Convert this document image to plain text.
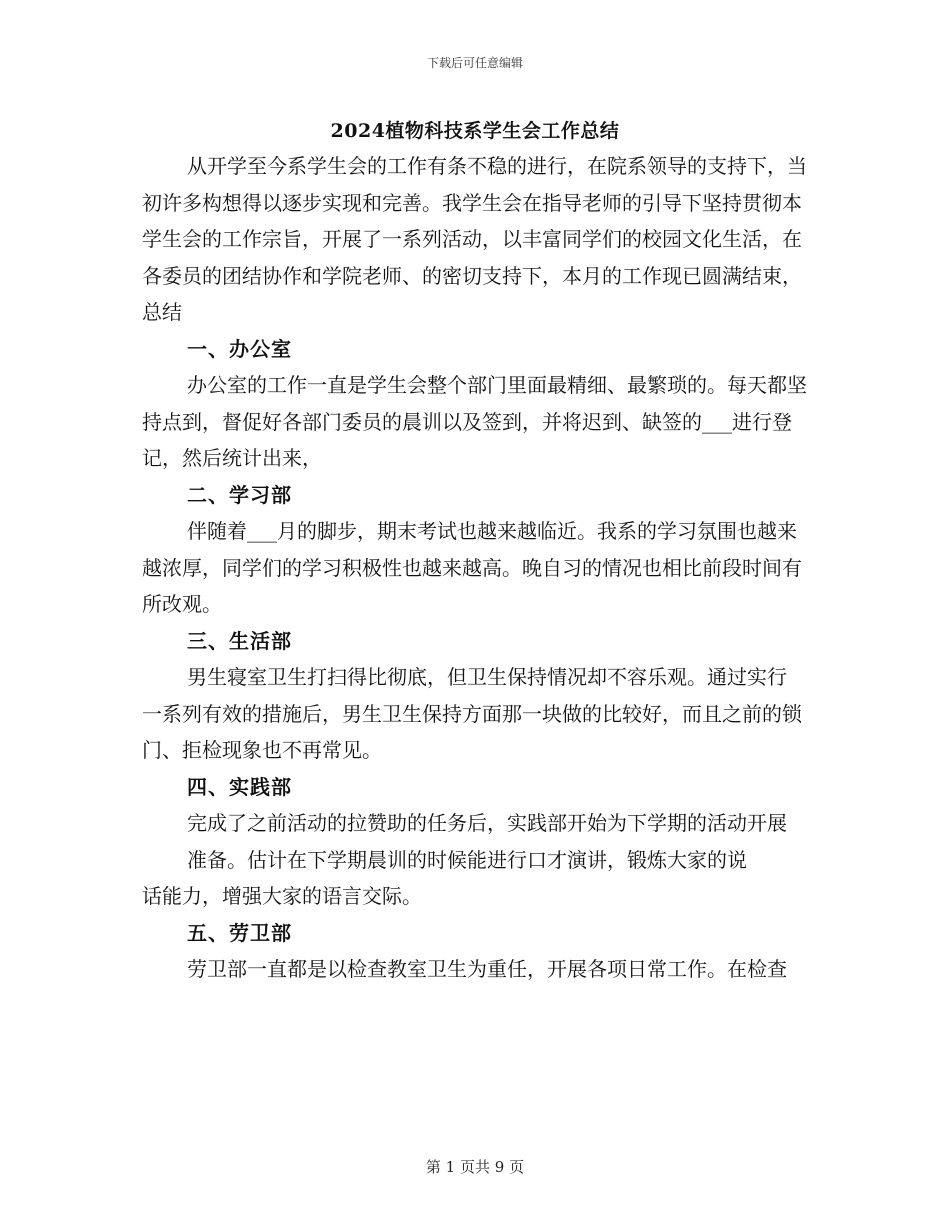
下载后可任意编辑
2024植物科技系学生会工作总结

从开学至今系学生会的工作有条不稳的进行，在院系领导的支持下，当初许多构想得以逐步实现和完善。我学生会在指导老师的引导下坚持贯彻本学生会的工作宗旨，开展了一系列活动，以丰富同学们的校园文化生活，在各委员的团结协作和学院老师、的密切支持下，本月的工作现已圆满结束，总结

一、办公室

办公室的工作一直是学生会整个部门里面最精细、最繁琐的。每天都坚持点到，督促好各部门委员的晨训以及签到，并将迟到、缺签的___进行登记，然后统计出来，

二、学习部

伴随着___月的脚步，期末考试也越来越临近。我系的学习氛围也越来越浓厚，同学们的学习积极性也越来越高。晚自习的情况也相比前段时间有所改观。

三、生活部

男生寝室卫生打扫得比彻底，但卫生保持情况却不容乐观。通过实行

一系列有效的措施后，男生卫生保持方面那一块做的比较好，而且之前的锁门、拒检现象也不再常见。

四、实践部

完成了之前活动的拉赞助的任务后，实践部开始为下学期的活动开展

准备。估计在下学期晨训的时候能进行口才演讲，锻炼大家的说

话能力，增强大家的语言交际。

五、劳卫部

劳卫部一直都是以检查教室卫生为重任，开展各项日常工作。在检查

第 1 页共 9 页
